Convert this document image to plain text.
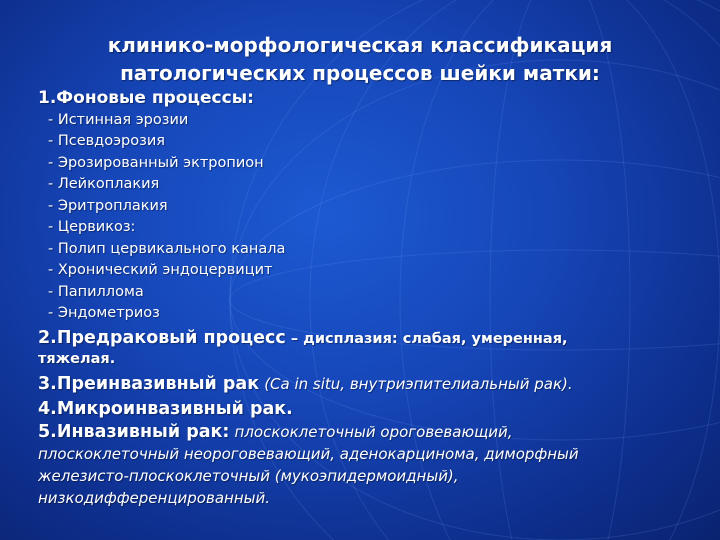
клинико-морфологическая классификация
патологических процессов шейки матки:
1.Фоновые процессы:
- Истинная эрозии
- Псевдоэрозия
- Эрозированный эктропион
- Лейкоплакия
- Эритроплакия
- Цервикоз:
- Полип цервикального канала
- Хронический эндоцервицит
- Папиллома
- Эндометриоз
2.Предраковый процесс – дисплазия: слабая, умеренная,
тяжелая.
3.Преинвазивный рак (Ca in situ, внутриэпителиальный рак).
4.Микроинвазивный рак.
5.Инвазивный рак: плоскоклеточный ороговевающий,
плоскоклеточный неороговевающий, аденокарцинома, диморфный
железисто-плоскоклеточный (мукоэпидермоидный),
низкодифференцированный.
